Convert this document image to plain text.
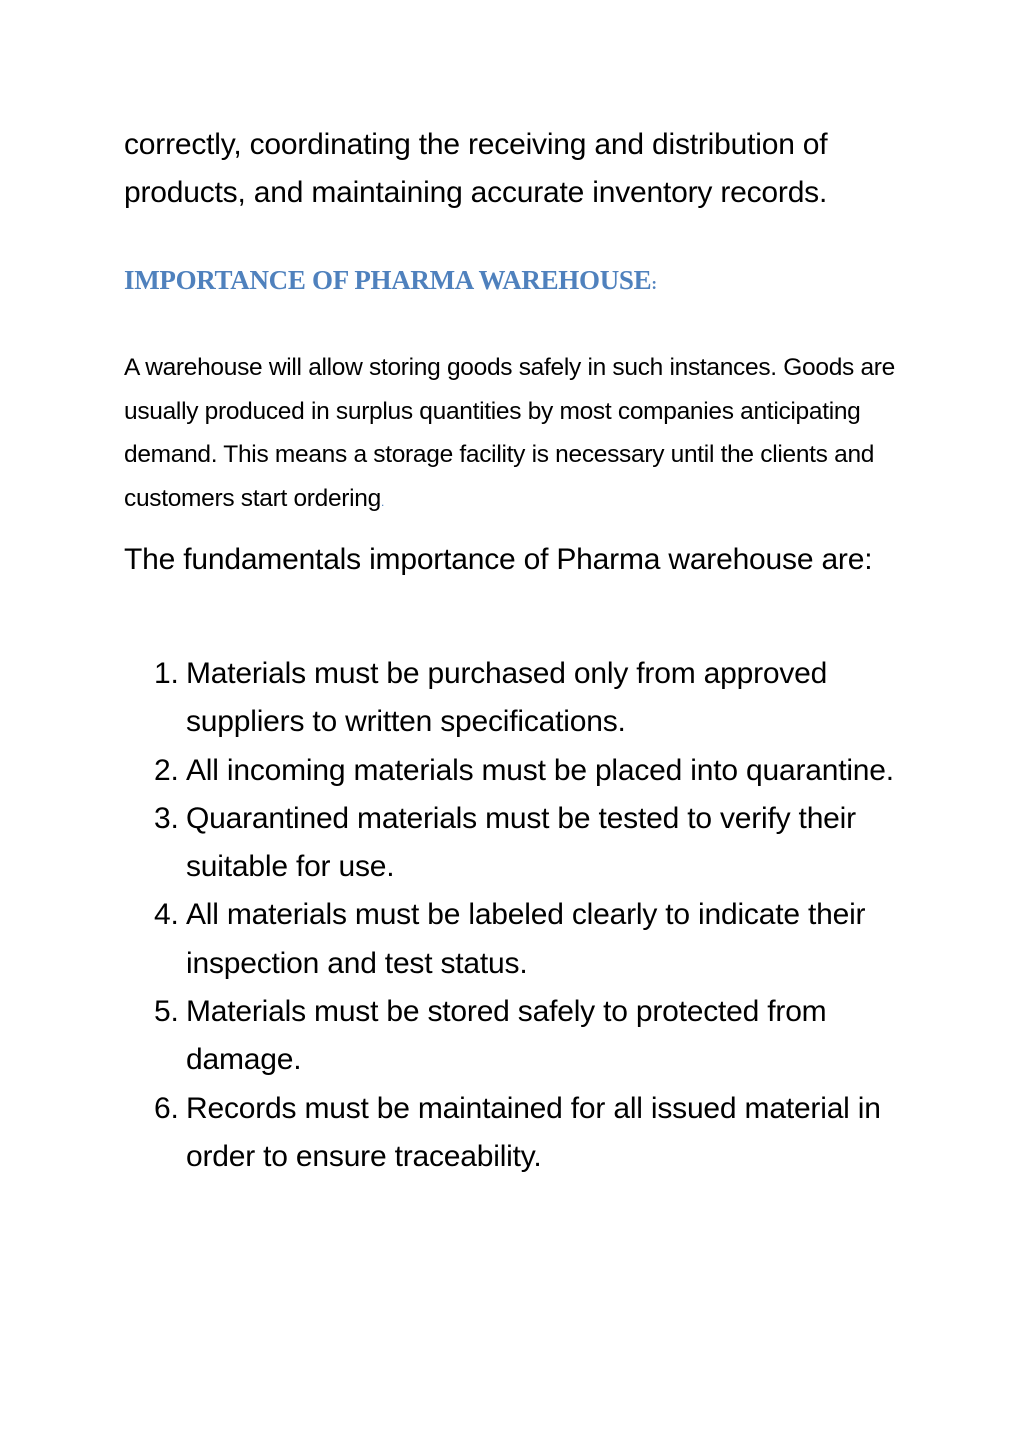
correctly, coordinating the receiving and distribution of products, and maintaining accurate inventory records.

IMPORTANCE OF PHARMA WAREHOUSE:

A warehouse will allow storing goods safely in such instances. Goods are usually produced in surplus quantities by most companies anticipating demand. This means a storage facility is necessary until the clients and customers start ordering.

The fundamentals importance of Pharma warehouse are:

1. Materials must be purchased only from approved suppliers to written specifications.
2. All incoming materials must be placed into quarantine.
3. Quarantined materials must be tested to verify their suitable for use.
4. All materials must be labeled clearly to indicate their inspection and test status.
5. Materials must be stored safely to protected from damage.
6. Records must be maintained for all issued material in order to ensure traceability.
